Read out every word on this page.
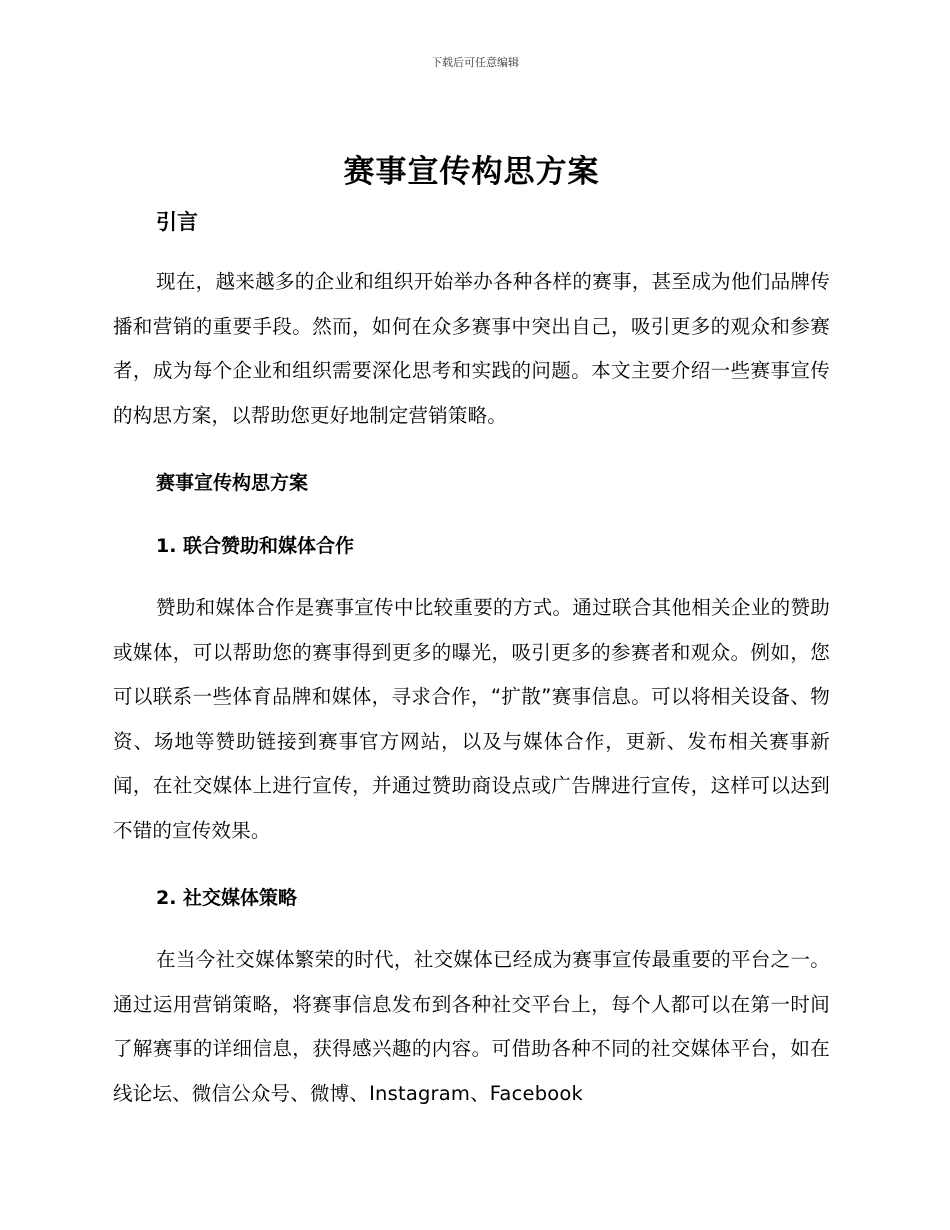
下载后可任意编辑
赛事宣传构思方案
引言

现在，越来越多的企业和组织开始举办各种各样的赛事，甚至成为他们品牌传播和营销的重要手段。然而，如何在众多赛事中突出自己，吸引更多的观众和参赛者，成为每个企业和组织需要深化思考和实践的问题。本文主要介绍一些赛事宣传的构思方案，以帮助您更好地制定营销策略。

赛事宣传构思方案
1. 联合赞助和媒体合作

赞助和媒体合作是赛事宣传中比较重要的方式。通过联合其他相关企业的赞助或媒体，可以帮助您的赛事得到更多的曝光，吸引更多的参赛者和观众。例如，您可以联系一些体育品牌和媒体，寻求合作，“扩散”赛事信息。可以将相关设备、物资、场地等赞助链接到赛事官方网站，以及与媒体合作，更新、发布相关赛事新闻，在社交媒体上进行宣传，并通过赞助商设点或广告牌进行宣传，这样可以达到不错的宣传效果。

2. 社交媒体策略

在当今社交媒体繁荣的时代，社交媒体已经成为赛事宣传最重要的平台之一。通过运用营销策略，将赛事信息发布到各种社交平台上，每个人都可以在第一时间了解赛事的详细信息，获得感兴趣的内容。可借助各种不同的社交媒体平台，如在线论坛、微信公众号、微博、Instagram、Facebook
